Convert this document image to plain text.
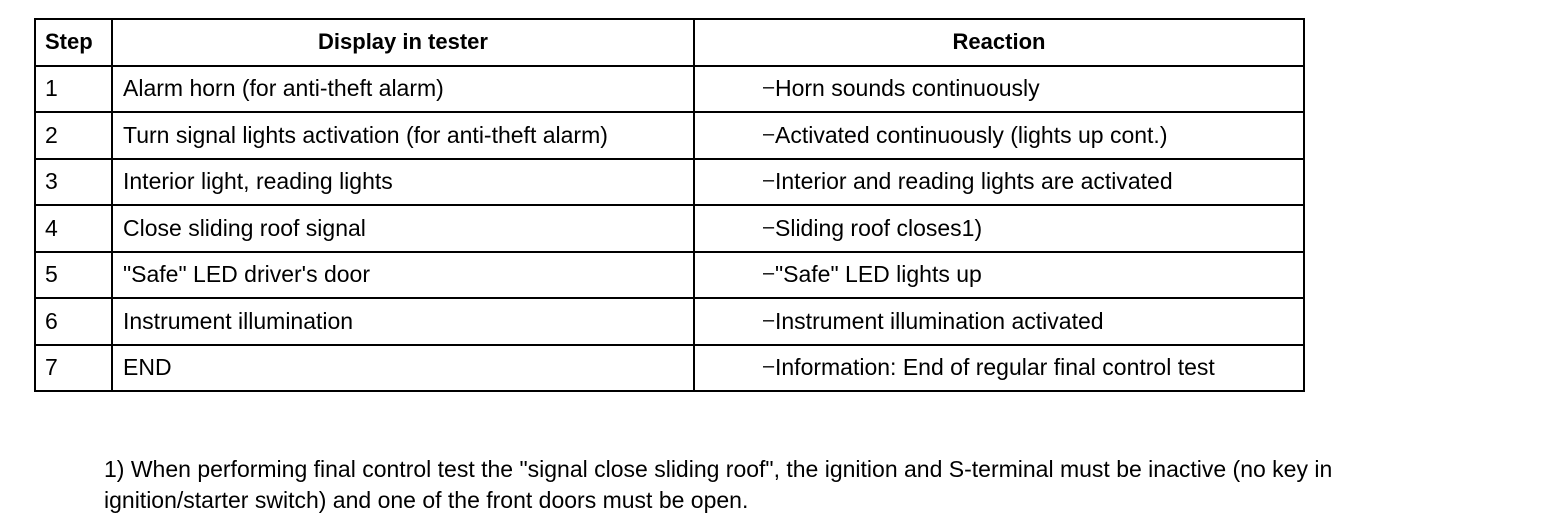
Step	Display in tester	Reaction
1	Alarm horn (for anti-theft alarm)	–Horn sounds continuously
2	Turn signal lights activation (for anti-theft alarm)	–Activated continuously (lights up cont.)
3	Interior light, reading lights	–Interior and reading lights are activated
4	Close sliding roof signal	–Sliding roof closes1)
5	"Safe" LED driver's door	–"Safe" LED lights up
6	Instrument illumination	–Instrument illumination activated
7	END	–Information: End of regular final control test
1) When performing final control test the "signal close sliding roof", the ignition and S-terminal must be inactive (no key in
ignition/starter switch) and one of the front doors must be open.
